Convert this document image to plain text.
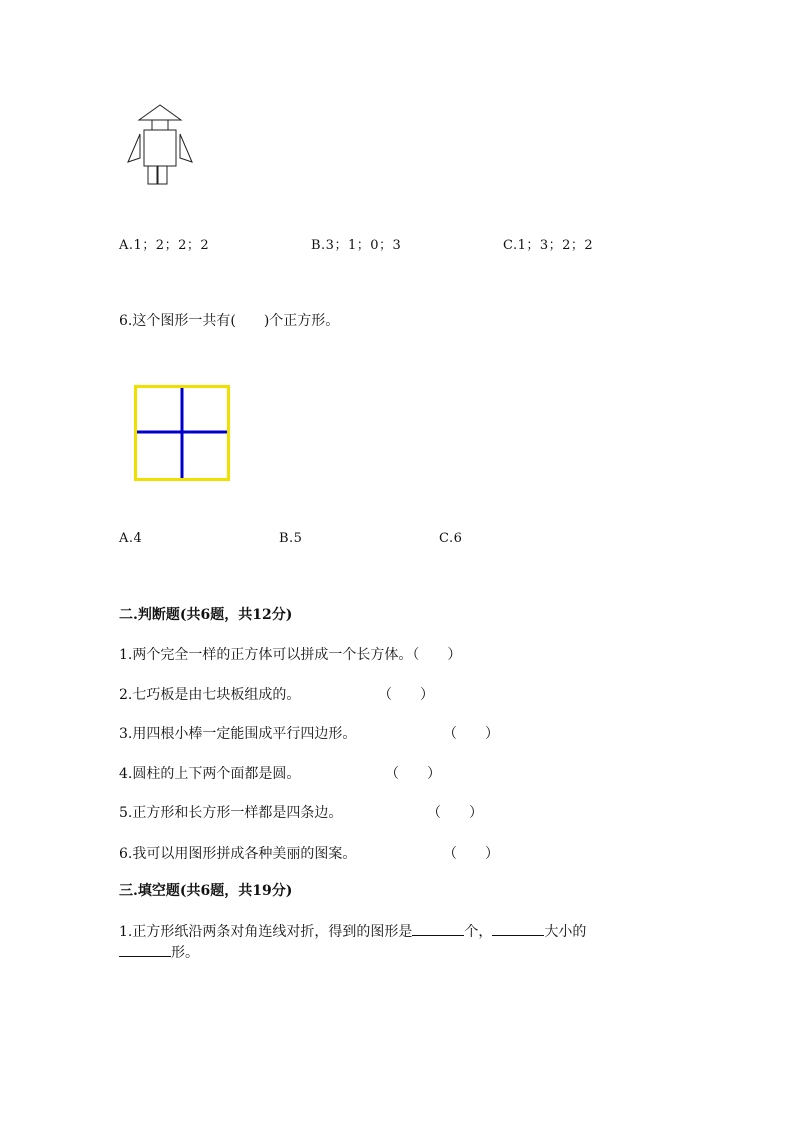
A.1；2；2；2	B.3；1；0；3	C.1；3；2；2
6.这个图形一共有(　　)个正方形。
A.4	B.5	C.6
二.判断题(共6题，共12分)
1.两个完全一样的正方体可以拼成一个长方体。（　　）
2.七巧板是由七块板组成的。	（　　）
3.用四根小棒一定能围成平行四边形。	（　　）
4.圆柱的上下两个面都是圆。	（　　）
5.正方形和长方形一样都是四条边。	（　　）
6.我可以用图形拼成各种美丽的图案。	（　　）
三.填空题(共6题，共19分)
1.正方形纸沿两条对角连线对折，得到的图形是	个，	大小的
形。
